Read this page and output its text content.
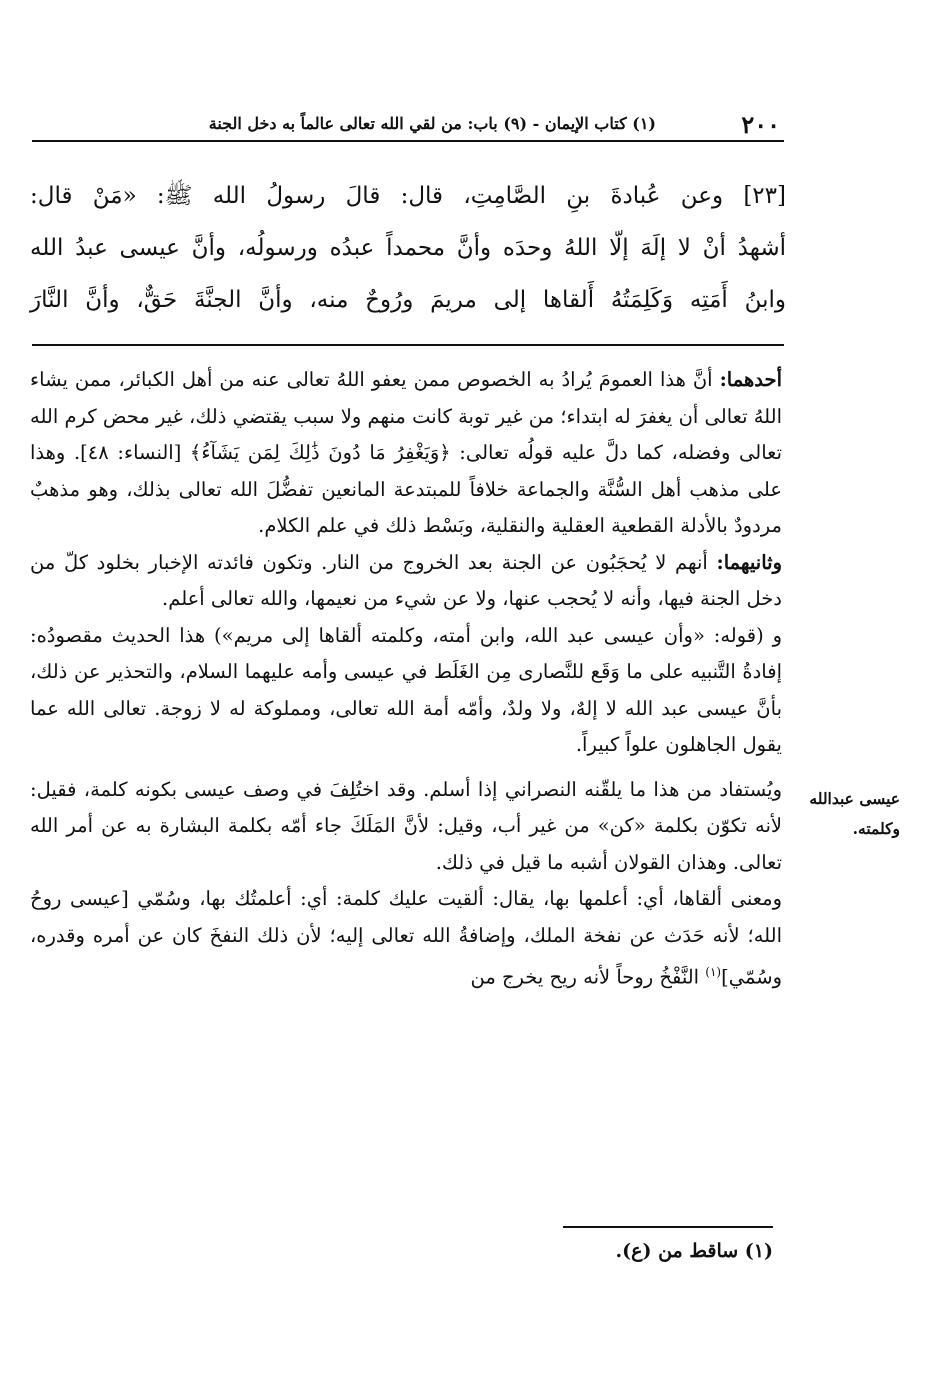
٢٠٠
(١) كتاب الإيمان - (٩) باب: من لقي الله تعالى عالماً به دخل الجنة

[٢٣] وعن عُبادةَ بنِ الصَّامِتِ، قال: قالَ رسولُ الله ﷺ: «مَنْ قال:

أشهدُ أنْ لا إلَهَ إلّا اللهُ وحدَه وأنَّ محمداً عبدُه ورسولُه، وأنَّ عيسى عبدُ الله

وابنُ أَمَتِه وَكَلِمَتُهُ أَلقاها إلى مريمَ ورُوحٌ منه، وأنَّ الجنَّةَ حَقٌّ، وأنَّ النَّارَ

أحدهما: أنَّ هذا العمومَ يُرادُ به الخصوص ممن يعفو اللهُ تعالى عنه من أهل الكبائر، ممن يشاء اللهُ تعالى أن يغفرَ له ابتداء؛ من غير توبة كانت منهم ولا سبب يقتضي ذلك، غير محض كرم الله تعالى وفضله، كما دلَّ عليه قولُه تعالى: ﴿وَيَغْفِرُ مَا دُونَ ذَٰلِكَ لِمَن يَشَآءُ﴾ [النساء: ٤٨]. وهذا على مذهب أهل السُّنَّة والجماعة خلافاً للمبتدعة المانعين تفضُّلَ الله تعالى بذلك، وهو مذهبٌ مردودٌ بالأدلة القطعية العقلية والنقلية، وبَسْط ذلك في علم الكلام.

وثانيهما: أنهم لا يُحجَبُون عن الجنة بعد الخروج من النار. وتكون فائدته الإخبار بخلود كلّ من دخل الجنة فيها، وأنه لا يُحجب عنها، ولا عن شيء من نعيمها، والله تعالى أعلم.

و (قوله: «وأن عيسى عبد الله، وابن أمته، وكلمته ألقاها إلى مريم») هذا الحديث مقصودُه: إفادةُ التَّنبيه على ما وَقَع للنَّصارى مِن الغَلَط في عيسى وأمه عليهما السلام، والتحذير عن ذلك، بأنَّ عيسى عبد الله لا إلهٌ، ولا ولدٌ، وأمّه أمة الله تعالى، ومملوكة له لا زوجة. تعالى الله عما يقول الجاهلون علواً كبيراً.

ويُستفاد من هذا ما يلقّنه النصراني إذا أسلم. وقد اختُلِفَ في وصف عيسى بكونه كلمة، فقيل: لأنه تكوّن بكلمة «كن» من غير أب، وقيل: لأنَّ المَلَكَ جاء أمّه بكلمة البشارة به عن أمر الله تعالى. وهذان القولان أشبه ما قيل في ذلك.

ومعنى ألقاها، أي: أعلمها بها، يقال: ألقيت عليك كلمة: أي: أعلمتُك بها، وسُمّي [عيسى روحُ الله؛ لأنه حَدَث عن نفخة الملك، وإضافةُ الله تعالى إليه؛ لأن ذلك النفخَ كان عن أمره وقدره، وسُمّي]$^{(١)}$ النَّفْخُ روحاً لأنه ريح يخرج من

عيسى عبدالله
وكلمته.
(١) ساقط من (ع).
